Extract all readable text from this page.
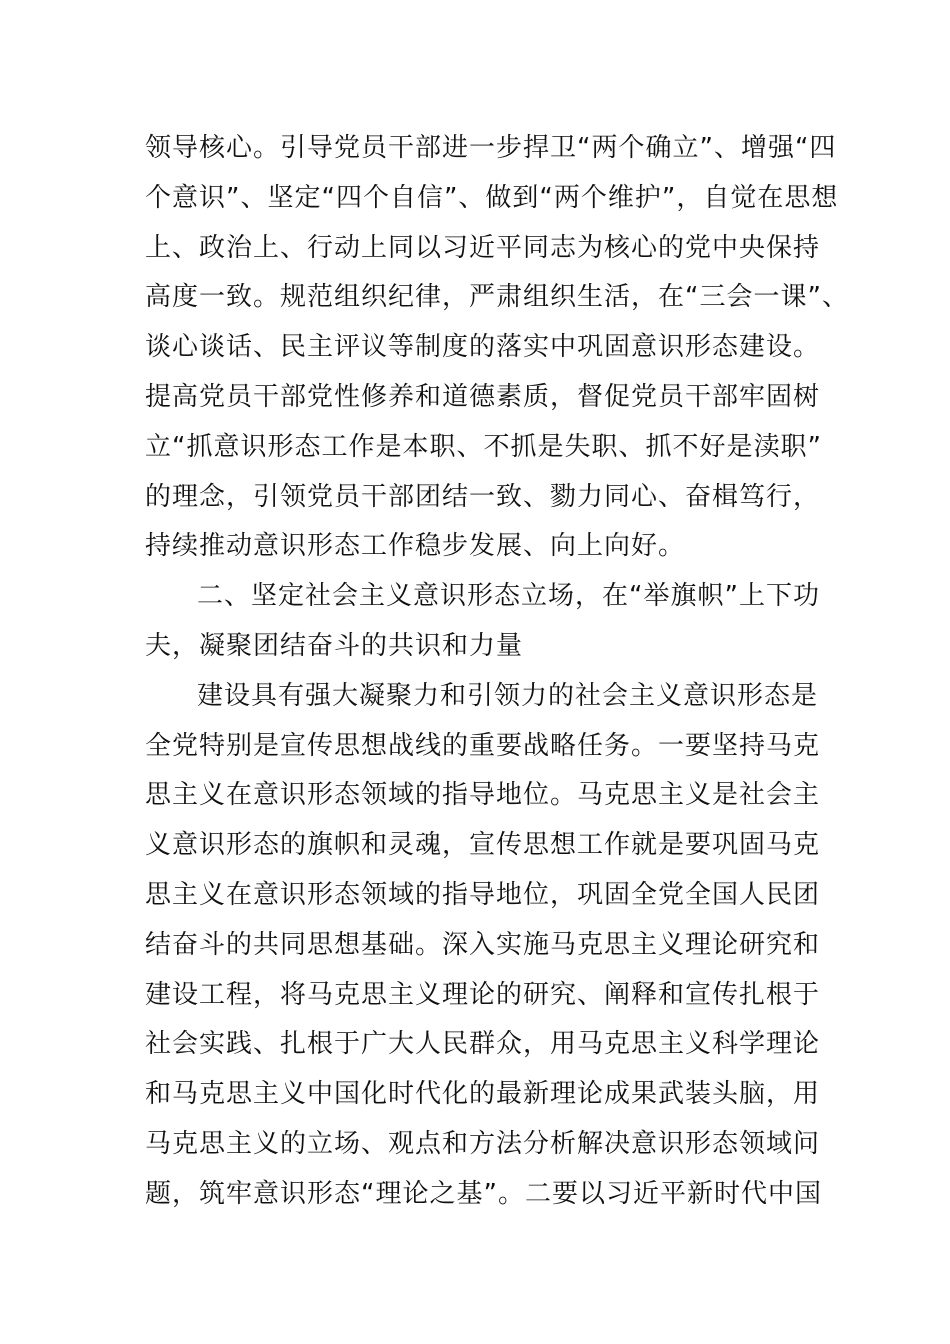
领导核心。引导党员干部进一步捍卫“两个确立”、增强“四
个意识”、坚定“四个自信”、做到“两个维护”，自觉在思想
上、政治上、行动上同以习近平同志为核心的党中央保持
高度一致。规范组织纪律，严肃组织生活，在“三会一课”、
谈心谈话、民主评议等制度的落实中巩固意识形态建设。
提高党员干部党性修养和道德素质，督促党员干部牢固树
立“抓意识形态工作是本职、不抓是失职、抓不好是渎职”
的理念，引领党员干部团结一致、勠力同心、奋楫笃行，
持续推动意识形态工作稳步发展、向上向好。
二、坚定社会主义意识形态立场，在“举旗帜”上下功
夫，凝聚团结奋斗的共识和力量
建设具有强大凝聚力和引领力的社会主义意识形态是
全党特别是宣传思想战线的重要战略任务。一要坚持马克
思主义在意识形态领域的指导地位。马克思主义是社会主
义意识形态的旗帜和灵魂，宣传思想工作就是要巩固马克
思主义在意识形态领域的指导地位，巩固全党全国人民团
结奋斗的共同思想基础。深入实施马克思主义理论研究和
建设工程，将马克思主义理论的研究、阐释和宣传扎根于
社会实践、扎根于广大人民群众，用马克思主义科学理论
和马克思主义中国化时代化的最新理论成果武装头脑，用
马克思主义的立场、观点和方法分析解决意识形态领域问
题，筑牢意识形态“理论之基”。二要以习近平新时代中国
